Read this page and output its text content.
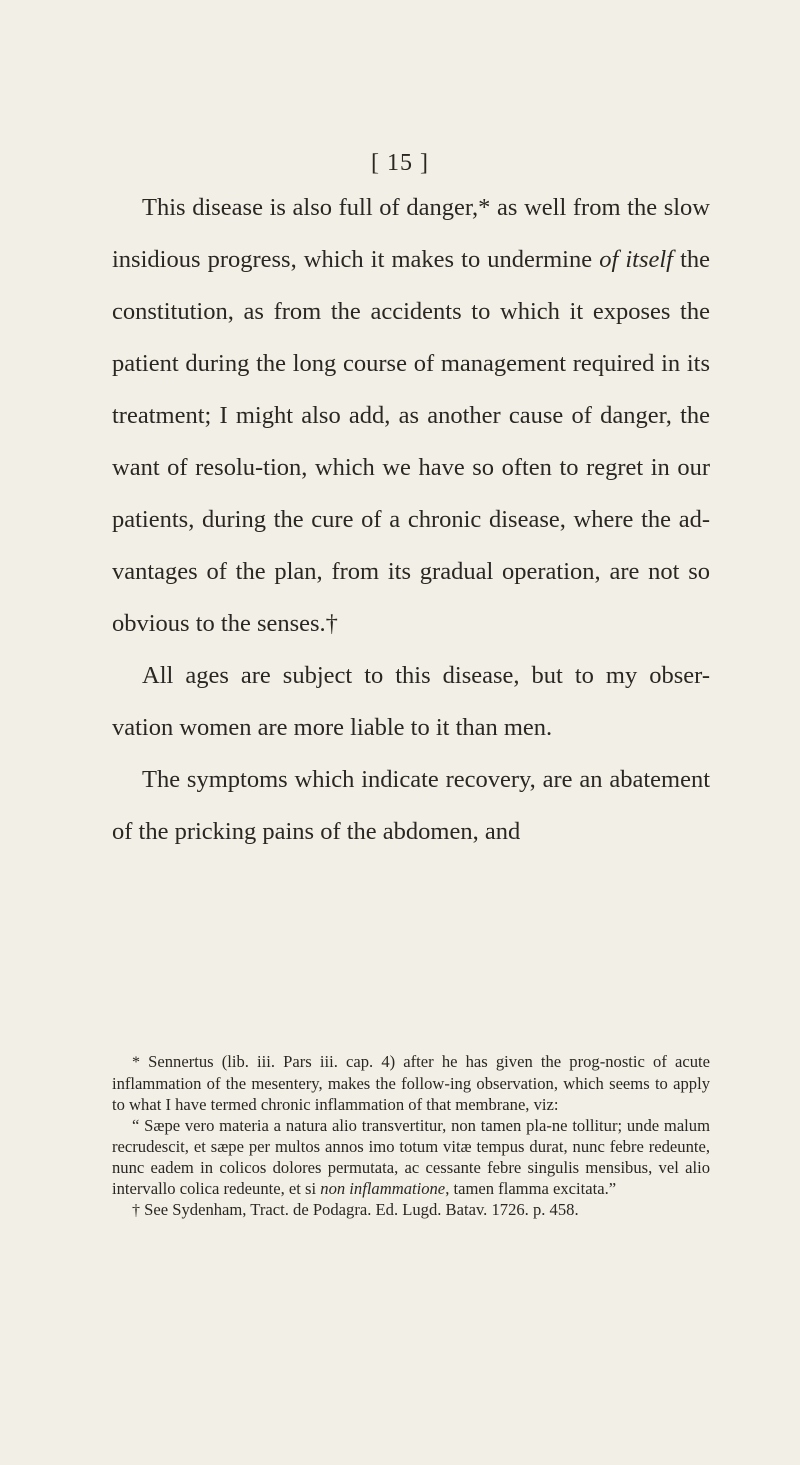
[ 15 ]

This disease is also full of danger,* as well from the slow insidious progress, which it makes to undermine of itself the constitution, as from the accidents to which it exposes the patient during the long course of management required in its treatment; I might also add, as another cause of danger, the want of resolu-tion, which we have so often to regret in our patients, during the cure of a chronic disease, where the ad-vantages of the plan, from its gradual operation, are not so obvious to the senses.†

All ages are subject to this disease, but to my obser-vation women are more liable to it than men.

The symptoms which indicate recovery, are an abatement of the pricking pains of the abdomen, and

* Sennertus (lib. iii. Pars iii. cap. 4) after he has given the prog-nostic of acute inflammation of the mesentery, makes the follow-ing observation, which seems to apply to what I have termed chronic inflammation of that membrane, viz:

“ Sæpe vero materia a natura alio transvertitur, non tamen pla-ne tollitur; unde malum recrudescit, et sæpe per multos annos imo totum vitæ tempus durat, nunc febre redeunte, nunc eadem in colicos dolores permutata, ac cessante febre singulis mensibus, vel alio intervallo colica redeunte, et si non inflammatione, tamen flamma excitata.”

† See Sydenham, Tract. de Podagra. Ed. Lugd. Batav. 1726. p. 458.
